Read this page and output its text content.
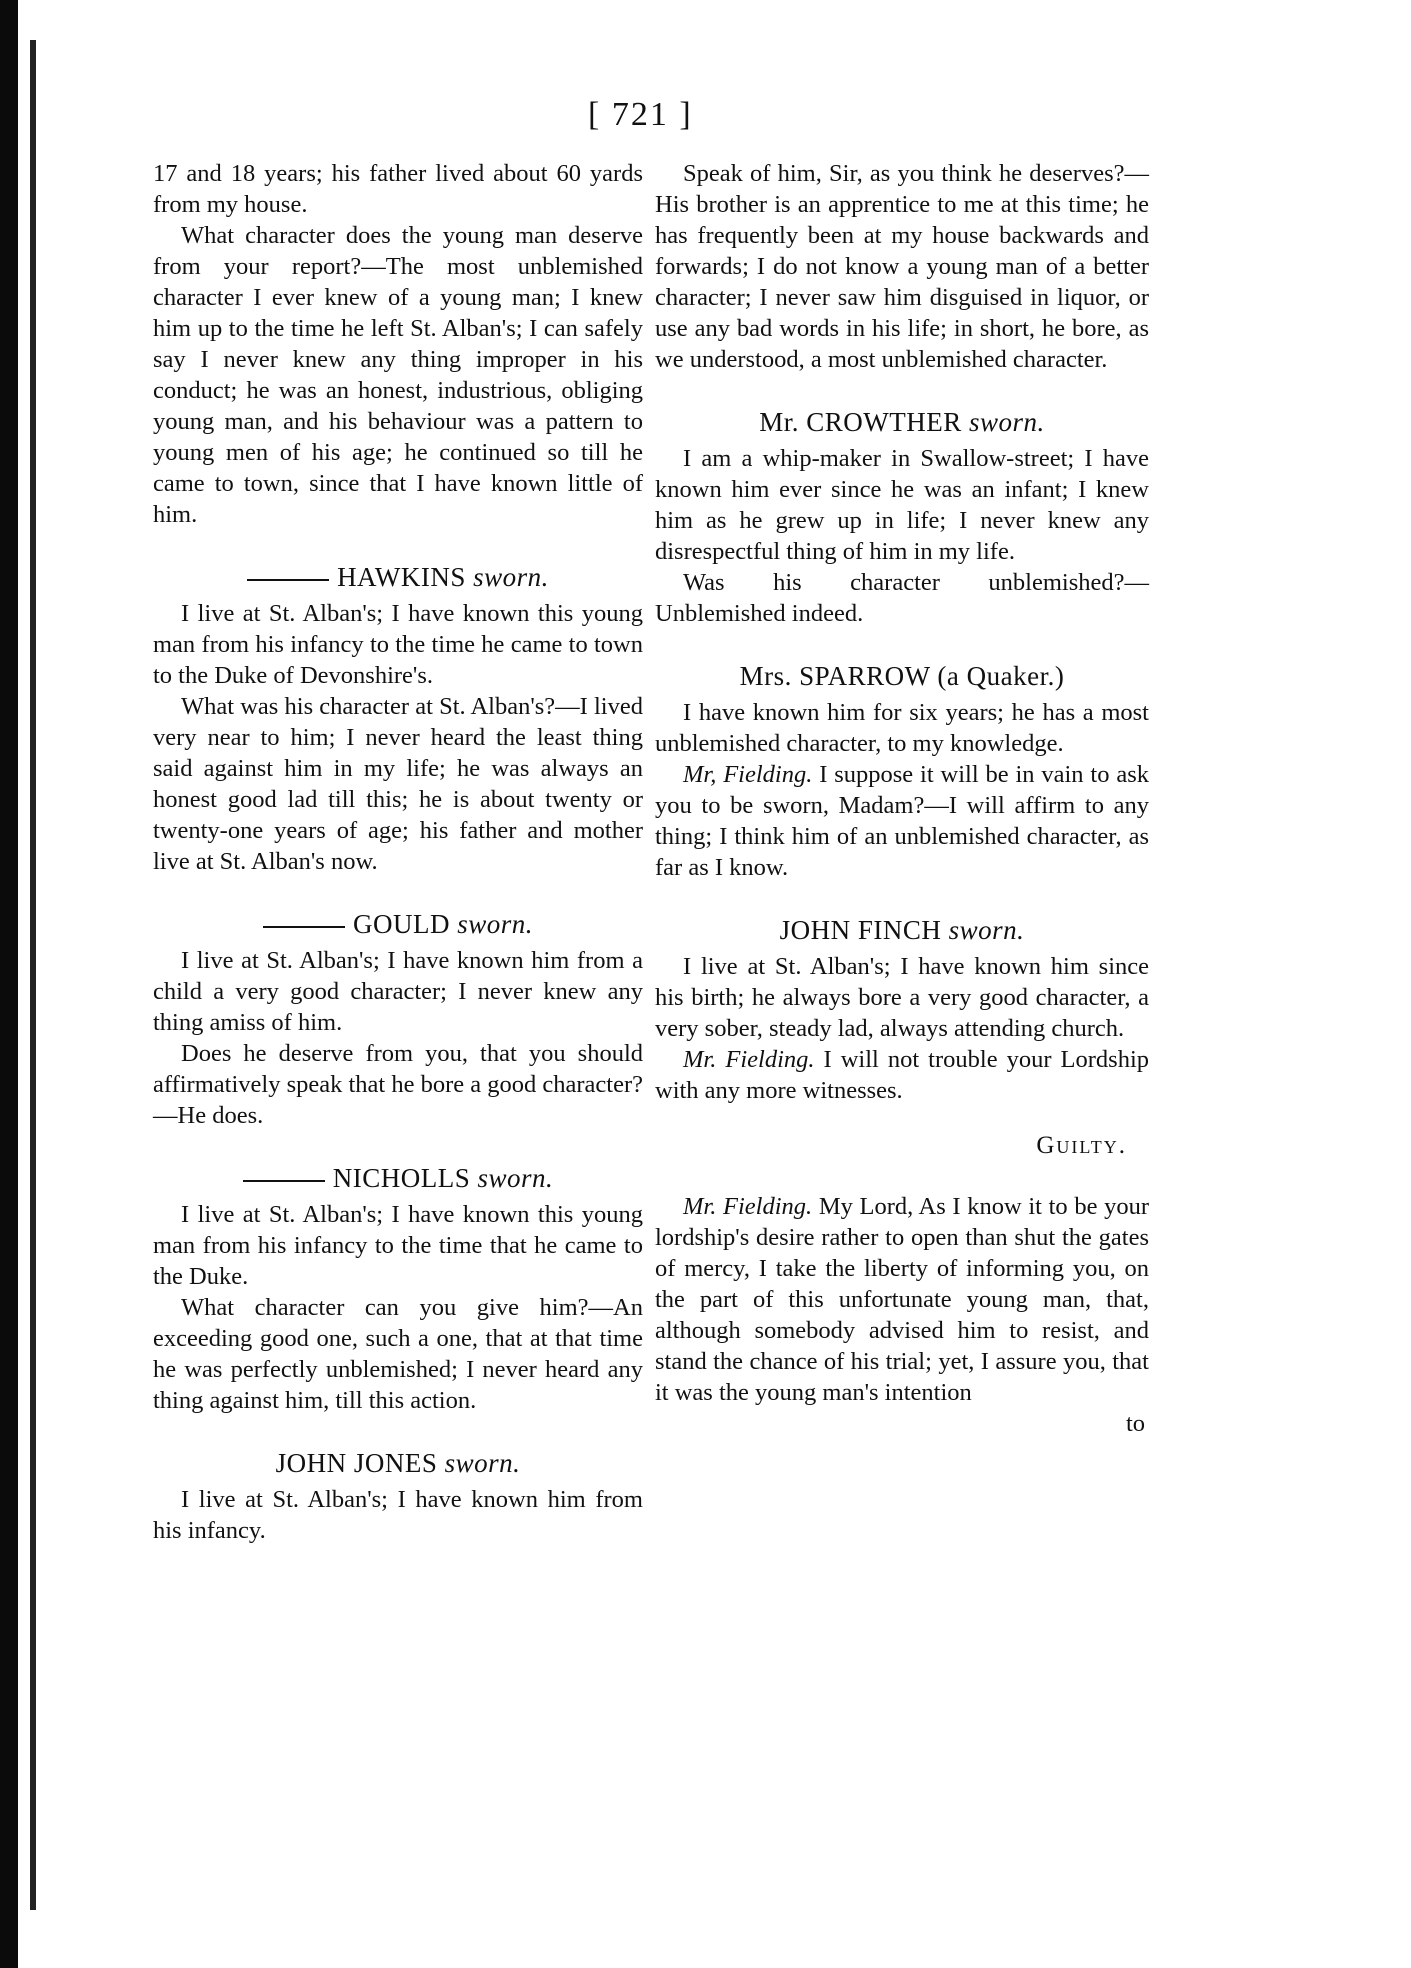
[ 721 ]

17 and 18 years; his father lived about 60 yards from my house.

What character does the young man deserve from your report?—The most unblemished character I ever knew of a young man; I knew him up to the time he left St. Alban's; I can safely say I never knew any thing improper in his conduct; he was an honest, industrious, obliging young man, and his behaviour was a pattern to young men of his age; he continued so till he came to town, since that I have known little of him.

HAWKINS sworn.

I live at St. Alban's; I have known this young man from his infancy to the time he came to town to the Duke of Devonshire's.

What was his character at St. Alban's?—I lived very near to him; I never heard the least thing said against him in my life; he was always an honest good lad till this; he is about twenty or twenty-one years of age; his father and mother live at St. Alban's now.

GOULD sworn.

I live at St. Alban's; I have known him from a child a very good character; I never knew any thing amiss of him.

Does he deserve from you, that you should affirmatively speak that he bore a good character?—He does.

NICHOLLS sworn.

I live at St. Alban's; I have known this young man from his infancy to the time that he came to the Duke.

What character can you give him?—An exceeding good one, such a one, that at that time he was perfectly unblemished; I never heard any thing against him, till this action.

JOHN JONES sworn.

I live at St. Alban's; I have known him from his infancy.

Speak of him, Sir, as you think he deserves?—His brother is an apprentice to me at this time; he has frequently been at my house backwards and forwards; I do not know a young man of a better character; I never saw him disguised in liquor, or use any bad words in his life; in short, he bore, as we understood, a most unblemished character.

Mr. CROWTHER sworn.

I am a whip-maker in Swallow-street; I have known him ever since he was an infant; I knew him as he grew up in life; I never knew any disrespectful thing of him in my life.

Was his character unblemished?—Unblemished indeed.

Mrs. SPARROW (a Quaker.)

I have known him for six years; he has a most unblemished character, to my knowledge.

Mr, Fielding. I suppose it will be in vain to ask you to be sworn, Madam?—I will affirm to any thing; I think him of an unblemished character, as far as I know.

JOHN FINCH sworn.

I live at St. Alban's; I have known him since his birth; he always bore a very good character, a very sober, steady lad, always attending church.

Mr. Fielding. I will not trouble your Lordship with any more witnesses.

Guilty.

Mr. Fielding. My Lord, As I know it to be your lordship's desire rather to open than shut the gates of mercy, I take the liberty of informing you, on the part of this unfortunate young man, that, although somebody advised him to resist, and stand the chance of his trial; yet, I assure you, that it was the young man's intention

to
